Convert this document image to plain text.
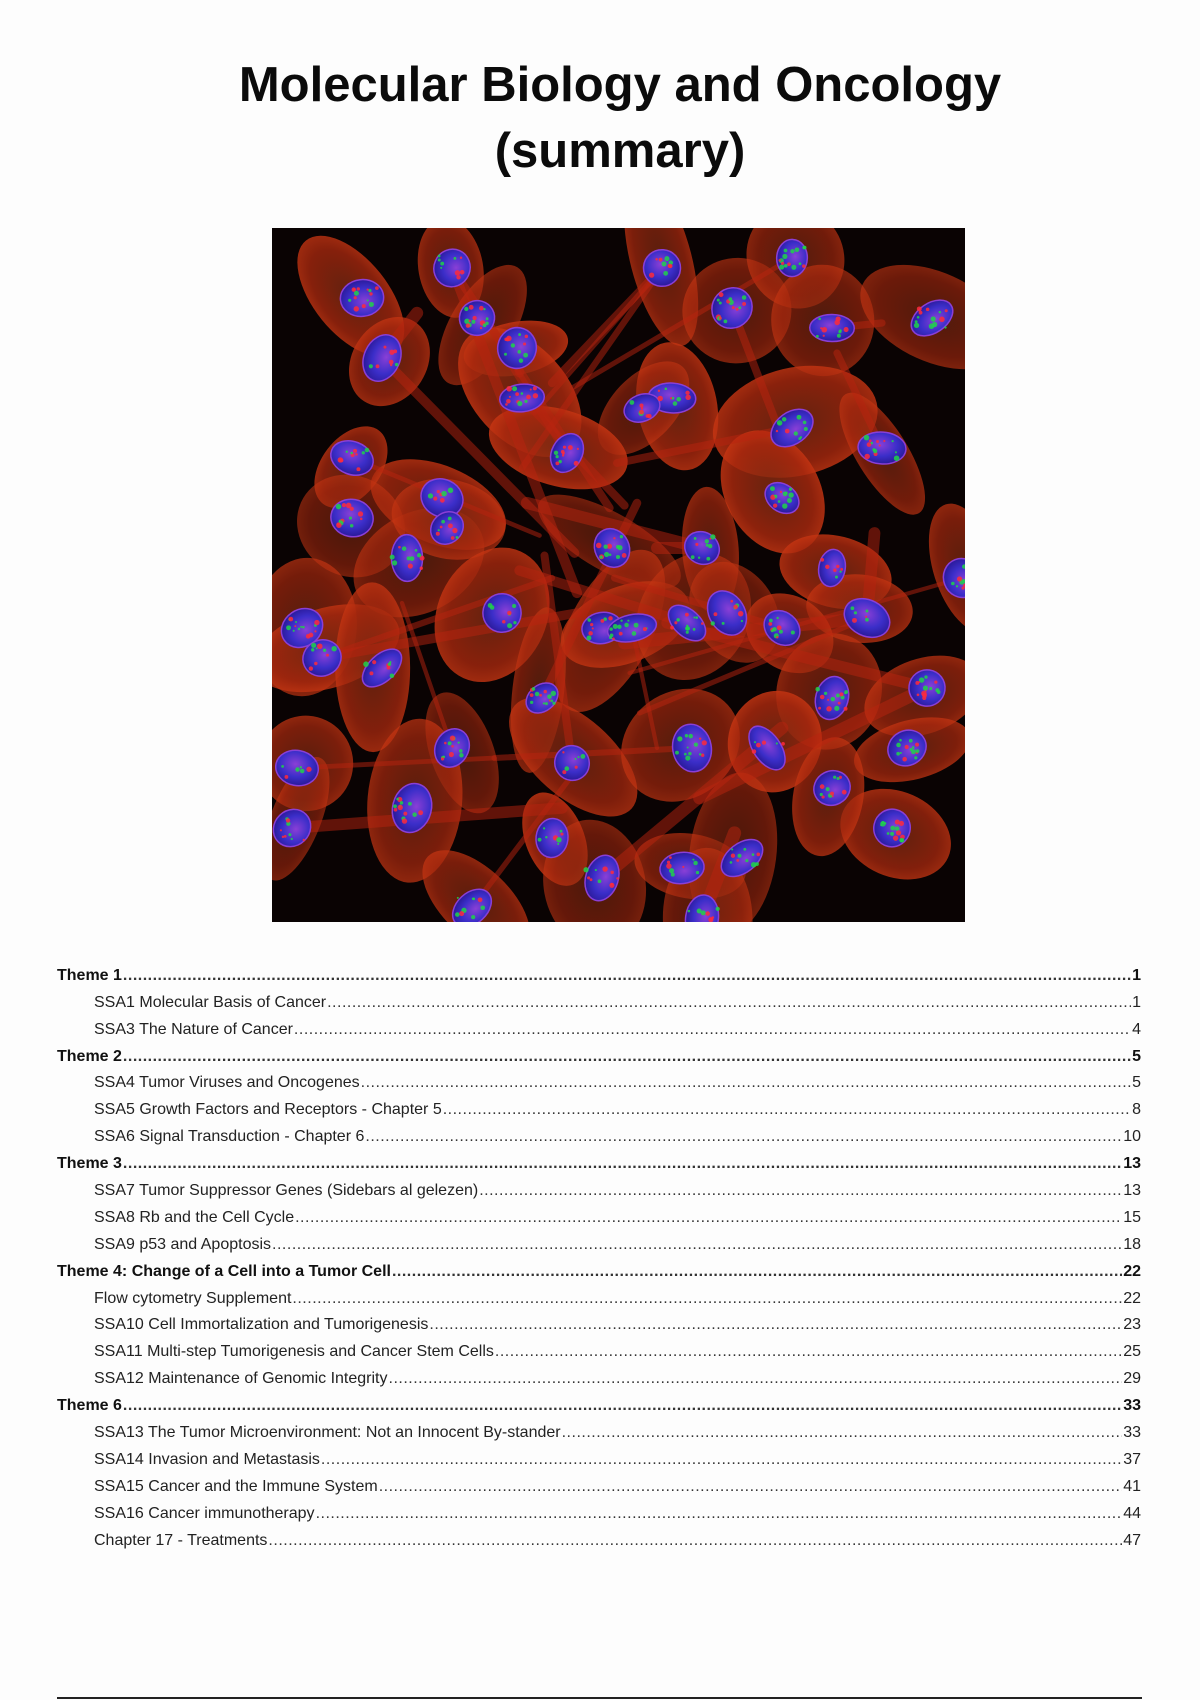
Molecular Biology and Oncology
(summary)
Theme 1 .....	1
SSA1 Molecular Basis of Cancer .....	1
SSA3 The Nature of Cancer .....	4
Theme 2 .....	5
SSA4 Tumor Viruses and Oncogenes .....	5
SSA5 Growth Factors and Receptors - Chapter 5 .....	8
SSA6 Signal Transduction - Chapter 6 .....	10
Theme 3 .....	13
SSA7 Tumor Suppressor Genes (Sidebars al gelezen) .....	13
SSA8 Rb and the Cell Cycle .....	15
SSA9 p53 and Apoptosis .....	18
Theme 4: Change of a Cell into a Tumor Cell .....	22
Flow cytometry Supplement .....	22
SSA10 Cell Immortalization and Tumorigenesis .....	23
SSA11 Multi-step Tumorigenesis and Cancer Stem Cells .....	25
SSA12 Maintenance of Genomic Integrity .....	29
Theme 6 .....	33
SSA13 The Tumor Microenvironment: Not an Innocent By-stander .....	33
SSA14 Invasion and Metastasis .....	37
SSA15 Cancer and the Immune System .....	41
SSA16 Cancer immunotherapy .....	44
Chapter 17 - Treatments .....	47
